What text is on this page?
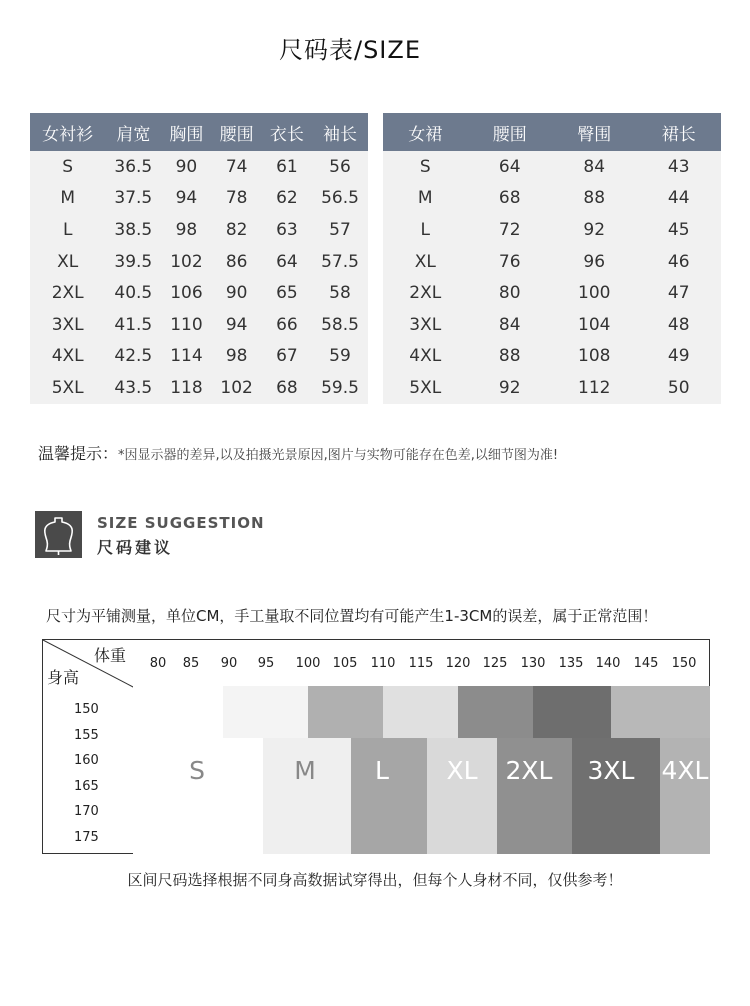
尺码表/SIZE
女衬衫	肩宽	胸围	腰围	衣长	袖长
S	36.5	90	74	61	56
M	37.5	94	78	62	56.5
L	38.5	98	82	63	57
XL	39.5	102	86	64	57.5
2XL	40.5	106	90	65	58
3XL	41.5	110	94	66	58.5
4XL	42.5	114	98	67	59
5XL	43.5	118	102	68	59.5
女裙	腰围	臀围	裙长
S	64	84	43
M	68	88	44
L	72	92	45
XL	76	96	46
2XL	80	100	47
3XL	84	104	48
4XL	88	108	49
5XL	92	112	50
温馨提示：*因显示器的差异,以及拍摄光景原因,图片与实物可能存在色差,以细节图为准!
SIZE SUGGESTION
尺码建议
尺寸为平铺测量，单位CM，手工量取不同位置均有可能产生1-3CM的误差，属于正常范围！
体重
身高
80 85 90 95 100 105 110 115 120 125 130 135 140 145 150
150
155
160
165
170
175
S	M L XL 2XL 3XL 4XL
区间尺码选择根据不同身高数据试穿得出，但每个人身材不同，仅供参考！
